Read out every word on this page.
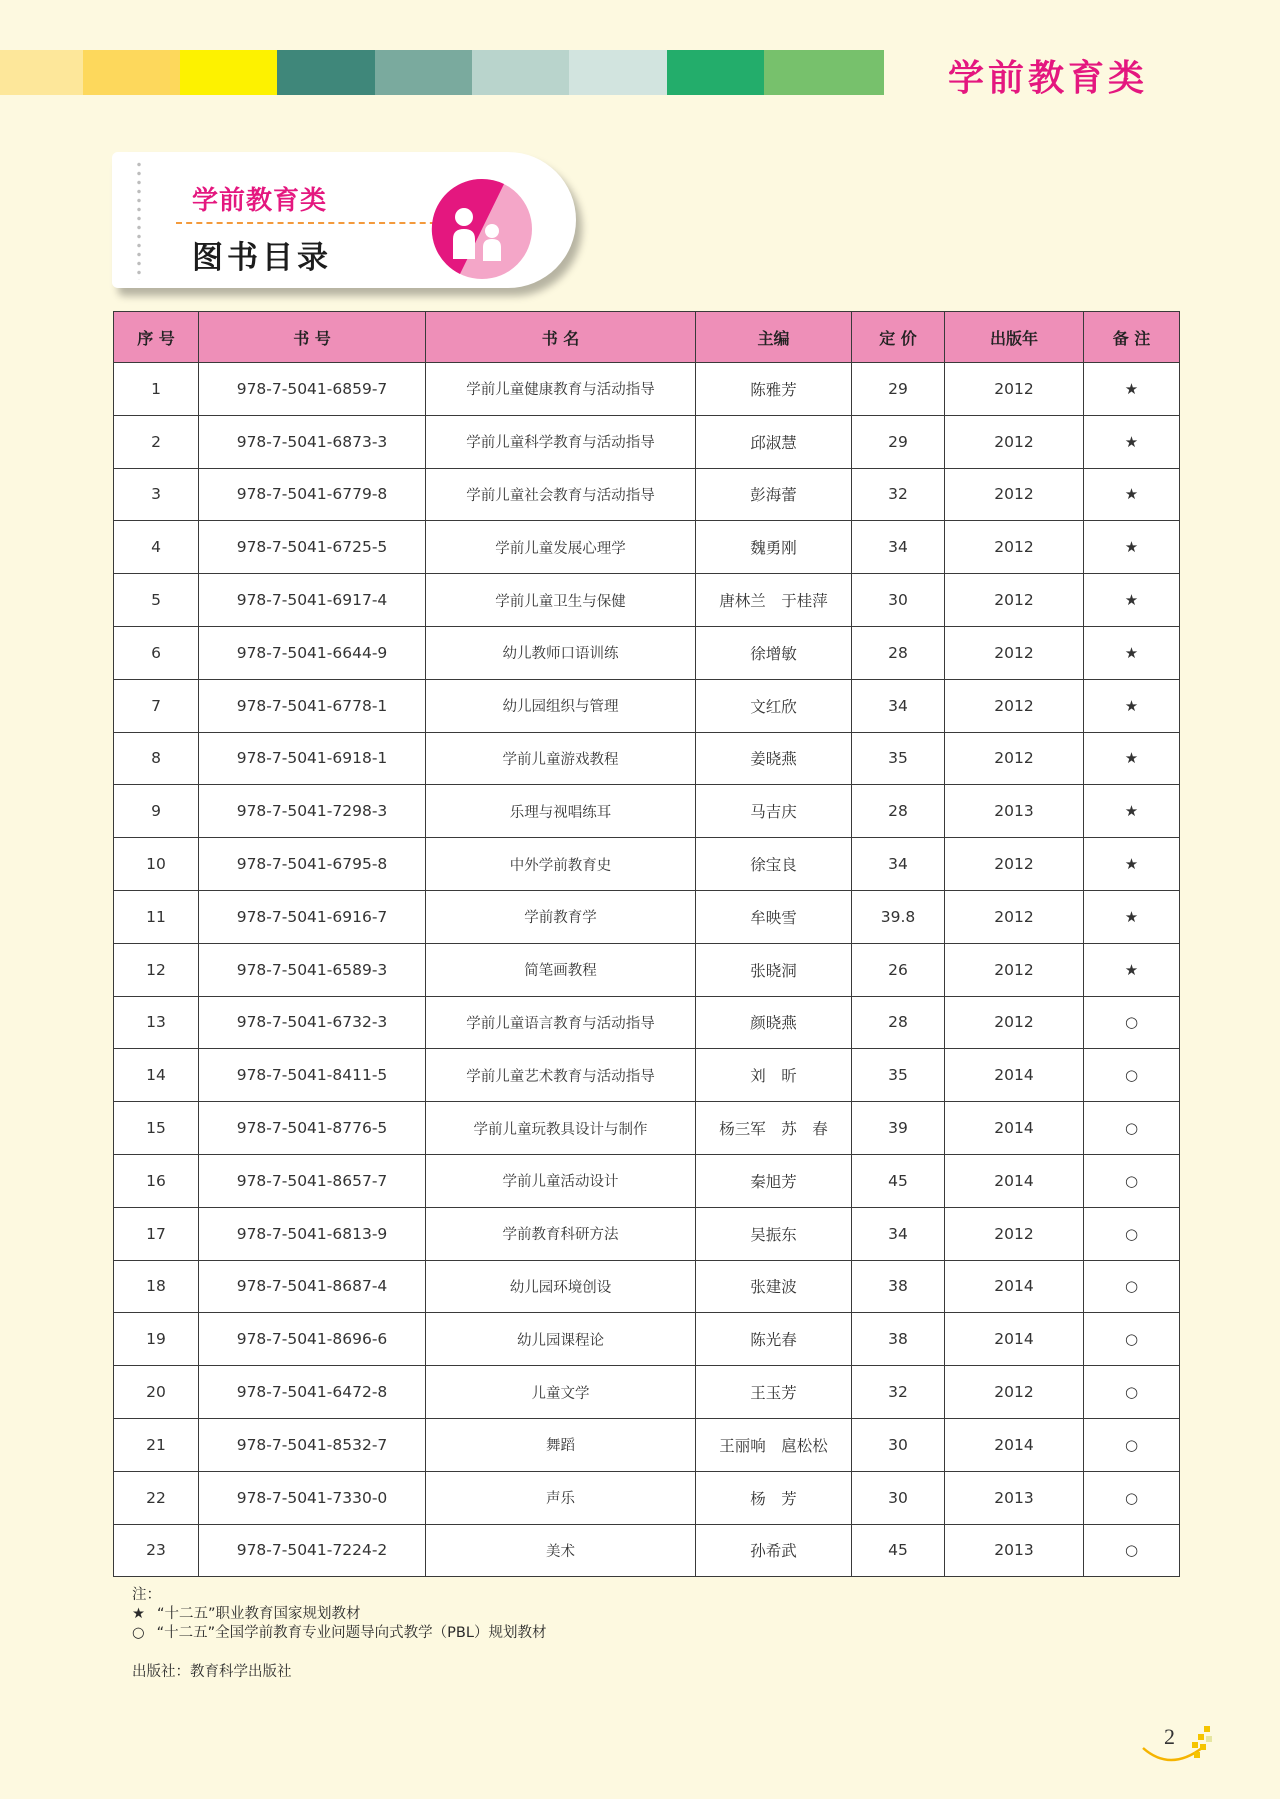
学前教育类
学前教育类
图书目录
序 号	书 号	书 名	主编	定 价	出版年	备 注
1	978-7-5041-6859-7	学前儿童健康教育与活动指导	陈雅芳	29	2012	★
2	978-7-5041-6873-3	学前儿童科学教育与活动指导	邱淑慧	29	2012	★
3	978-7-5041-6779-8	学前儿童社会教育与活动指导	彭海蕾	32	2012	★
4	978-7-5041-6725-5	学前儿童发展心理学	魏勇刚	34	2012	★
5	978-7-5041-6917-4	学前儿童卫生与保健	唐林兰　于桂萍	30	2012	★
6	978-7-5041-6644-9	幼儿教师口语训练	徐增敏	28	2012	★
7	978-7-5041-6778-1	幼儿园组织与管理	文红欣	34	2012	★
8	978-7-5041-6918-1	学前儿童游戏教程	姜晓燕	35	2012	★
9	978-7-5041-7298-3	乐理与视唱练耳	马吉庆	28	2013	★
10	978-7-5041-6795-8	中外学前教育史	徐宝良	34	2012	★
11	978-7-5041-6916-7	学前教育学	牟映雪	39.8	2012	★
12	978-7-5041-6589-3	简笔画教程	张晓洞	26	2012	★
13	978-7-5041-6732-3	学前儿童语言教育与活动指导	颜晓燕	28	2012	○
14	978-7-5041-8411-5	学前儿童艺术教育与活动指导	刘　昕	35	2014	○
15	978-7-5041-8776-5	学前儿童玩教具设计与制作	杨三军　苏　春	39	2014	○
16	978-7-5041-8657-7	学前儿童活动设计	秦旭芳	45	2014	○
17	978-7-5041-6813-9	学前教育科研方法	吴振东	34	2012	○
18	978-7-5041-8687-4	幼儿园环境创设	张建波	38	2014	○
19	978-7-5041-8696-6	幼儿园课程论	陈光春	38	2014	○
20	978-7-5041-6472-8	儿童文学	王玉芳	32	2012	○
21	978-7-5041-8532-7	舞蹈	王丽响　扈松松	30	2014	○
22	978-7-5041-7330-0	声乐	杨　芳	30	2013	○
23	978-7-5041-7224-2	美术	孙希武	45	2013	○
注：
★ “十二五”职业教育国家规划教材
○ “十二五”全国学前教育专业问题导向式教学（PBL）规划教材
出版社：教育科学出版社
2
